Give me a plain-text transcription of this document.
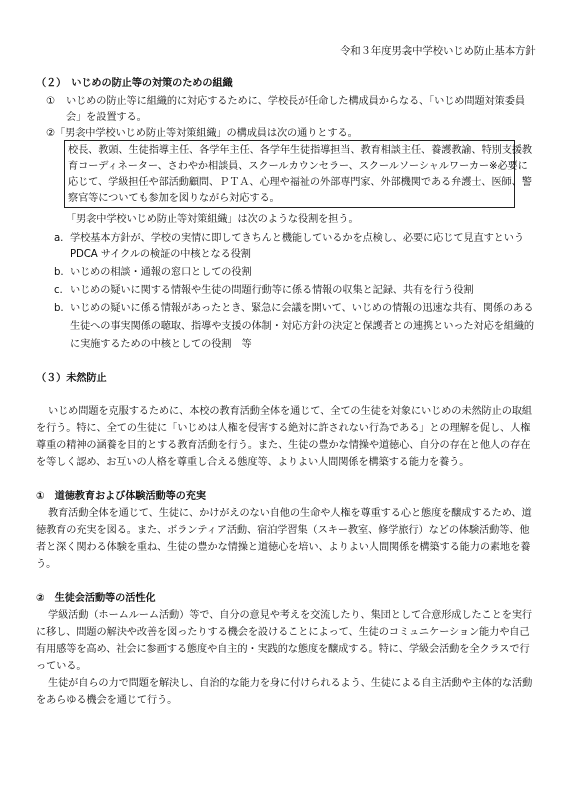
令和３年度男衾中学校いじめ防止基本方針
（２）　いじめの防止等の対策のための組織
① いじめの防止等に組織的に対応するために、学校長が任命した構成員からなる、「いじめ問題対策委員
会」を設置する。
②「男衾中学校いじめ防止等対策組織」の構成員は次の通りとする。
校長、教頭、生徒指導主任、各学年主任、各学年生徒指導担当、教育相談主任、養護教諭、特別支援教
育コーディネーター、さわやか相談員、スクールカウンセラー、スクールソーシャルワーカー※必要に
応じて、学級担任や部活動顧問、ＰＴＡ、心理や福祉の外部専門家、外部機関である弁護士、医師、警
察官等についても参加を図りながら対応する。
「男衾中学校いじめ防止等対策組織」は次のような役割を担う。
a. 学校基本方針が、学校の実情に即してきちんと機能しているかを点検し、必要に応じて見直すという
PDCA サイクルの検証の中核となる役割
b. いじめの相談・通報の窓口としての役割
c. いじめの疑いに関する情報や生徒の問題行動等に係る情報の収集と記録、共有を行う役割
b. いじめの疑いに係る情報があったとき、緊急に会議を開いて、いじめの情報の迅速な共有、関係のある
生徒への事実関係の聴取、指導や支援の体制・対応方針の決定と保護者との連携といった対応を組織的
に実施するための中核としての役割　等
（３）未然防止
いじめ問題を克服するために、本校の教育活動全体を通じて、全ての生徒を対象にいじめの未然防止の取組
を行う。特に、全ての生徒に「いじめは人権を侵害する絶対に許されない行為である」との理解を促し、人権
尊重の精神の涵養を目的とする教育活動を行う。また、生徒の豊かな情操や道徳心、自分の存在と他人の存在
を等しく認め、お互いの人格を尊重し合える態度等、よりよい人間関係を構築する能力を養う。
①　道徳教育および体験活動等の充実
教育活動全体を通じて、生徒に、かけがえのない自他の生命や人権を尊重する心と態度を醸成するため、道
徳教育の充実を図る。また、ボランティア活動、宿泊学習集（スキー教室、修学旅行）などの体験活動等、他
者と深く関わる体験を重ね、生徒の豊かな情操と道徳心を培い、よりよい人間関係を構築する能力の素地を養
う。
②　生徒会活動等の活性化
学級活動（ホームルーム活動）等で、自分の意見や考えを交流したり、集団として合意形成したことを実行
に移し、問題の解決や改善を図ったりする機会を設けることによって、生徒のコミュニケーション能力や自己
有用感等を高め、社会に参画する態度や自主的・実践的な態度を醸成する。特に、学級会活動を全クラスで行
っている。
生徒が自らの力で問題を解決し、自治的な能力を身に付けられるよう、生徒による自主活動や主体的な活動
をあらゆる機会を通じて行う。
